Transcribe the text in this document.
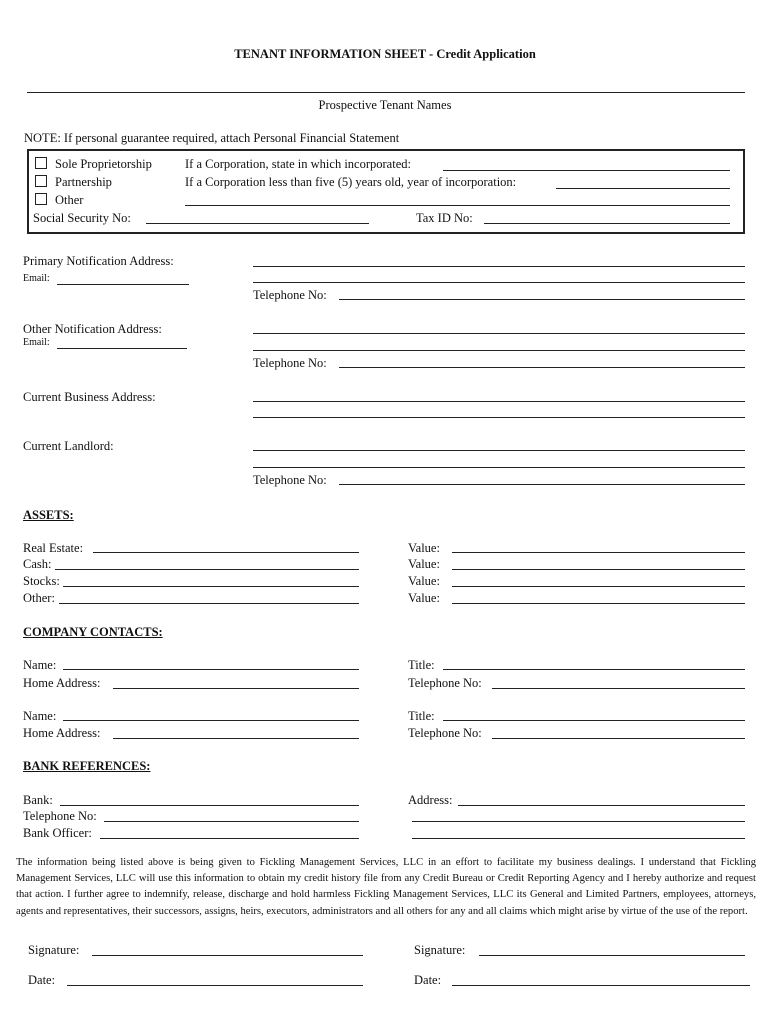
TENANT INFORMATION SHEET - Credit Application
Prospective Tenant Names
NOTE: If personal guarantee required, attach Personal Financial Statement
Sole Proprietorship
Partnership
Other
If a Corporation, state in which incorporated:
If a Corporation less than five (5) years old, year of incorporation:
Social Security No:	Tax ID No:
Primary Notification Address:
Email:
Telephone No:
Other Notification Address:
Email:
Telephone No:
Current Business Address:
Current Landlord:
Telephone No:
ASSETS:
Real Estate:	Value:
Cash:	Value:
Stocks:	Value:
Other:	Value:
COMPANY CONTACTS:
Name:	Title:
Home Address:	Telephone No:
Name:	Title:
Home Address:	Telephone No:
BANK REFERENCES:
Bank:	Address:
Telephone No:
Bank Officer:
The information being listed above is being given to Fickling Management Services, LLC in an effort to facilitate my business dealings. I understand that Fickling Management Services, LLC will use this information to obtain my credit history file from any Credit Bureau or Credit Reporting Agency and I hereby authorize and request that action. I further agree to indemnify, release, discharge and hold harmless Fickling Management Services, LLC its General and Limited Partners, employees, attorneys, agents and representatives, their successors, assigns, heirs, executors, administrators and all others for any and all claims which might arise by virtue of the use of the report.
Signature:	Signature:
Date:	Date:
